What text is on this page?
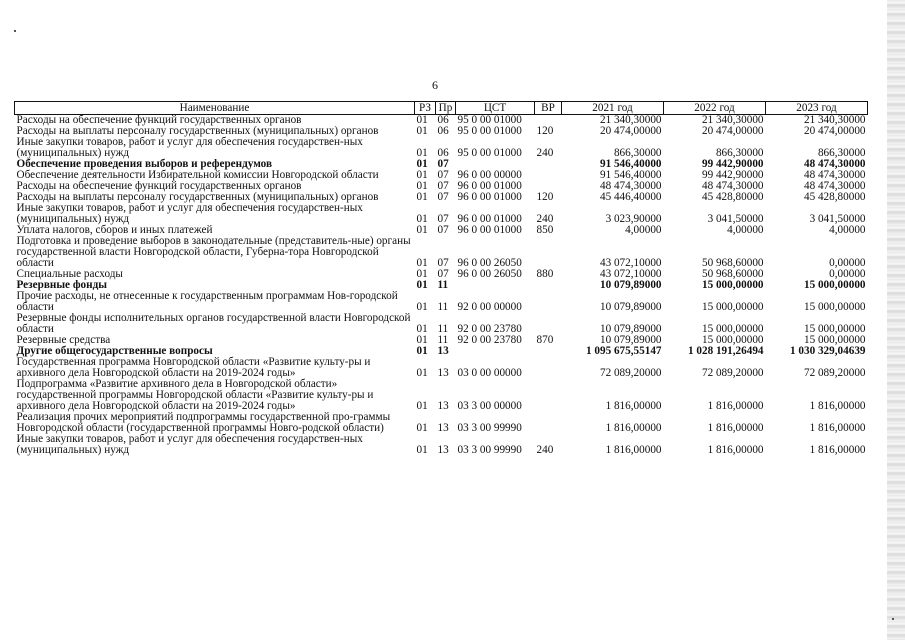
6
Наименование	РЗ	Пр	ЦСТ	ВР	2021 год	2022 год	2023 год
Расходы на обеспечение функций государственных органов	01	06	95 0 00 01000		21 340,30000	21 340,30000	21 340,30000
Расходы на выплаты персоналу государственных (муниципальных) органов	01	06	95 0 00 01000	120	20 474,00000	20 474,00000	20 474,00000
Иные закупки товаров, работ и услуг для обеспечения государствен-ных (муниципальных) нужд	01	06	95 0 00 01000	240	866,30000	866,30000	866,30000
Обеспечение проведения выборов и референдумов	01	07			91 546,40000	99 442,90000	48 474,30000
Обеспечение деятельности Избирательной комиссии Новгородской области	01	07	96 0 00 00000		91 546,40000	99 442,90000	48 474,30000
Расходы на обеспечение функций государственных органов	01	07	96 0 00 01000		48 474,30000	48 474,30000	48 474,30000
Расходы на выплаты персоналу государственных (муниципальных) органов	01	07	96 0 00 01000	120	45 446,40000	45 428,80000	45 428,80000
Иные закупки товаров, работ и услуг для обеспечения государствен-ных (муниципальных) нужд	01	07	96 0 00 01000	240	3 023,90000	3 041,50000	3 041,50000
Уплата налогов, сборов и иных платежей	01	07	96 0 00 01000	850	4,00000	4,00000	4,00000
Подготовка и проведение выборов в законодательные (представитель-ные) органы государственной власти Новгородской области, Губерна-тора Новгородской области	01	07	96 0 00 26050		43 072,10000	50 968,60000	0,00000
Специальные расходы	01	07	96 0 00 26050	880	43 072,10000	50 968,60000	0,00000
Резервные фонды	01	11			10 079,89000	15 000,00000	15 000,00000
Прочие расходы, не отнесенные к государственным программам Нов-городской области	01	11	92 0 00 00000		10 079,89000	15 000,00000	15 000,00000
Резервные фонды исполнительных органов государственной власти Новгородской области	01	11	92 0 00 23780		10 079,89000	15 000,00000	15 000,00000
Резервные средства	01	11	92 0 00 23780	870	10 079,89000	15 000,00000	15 000,00000
Другие общегосударственные вопросы	01	13			1 095 675,55147	1 028 191,26494	1 030 329,04639
Государственная программа Новгородской области «Развитие культу-ры и архивного дела Новгородской области на 2019-2024 годы»	01	13	03 0 00 00000		72 089,20000	72 089,20000	72 089,20000
Подпрограмма «Развитие архивного дела в Новгородской области» государственной программы Новгородской области «Развитие культу-ры и архивного дела Новгородской области на 2019-2024 годы»	01	13	03 3 00 00000		1 816,00000	1 816,00000	1 816,00000
Реализация прочих мероприятий подпрограммы государственной про-граммы Новгородской области (государственной программы Новго-родской области)	01	13	03 3 00 99990		1 816,00000	1 816,00000	1 816,00000
Иные закупки товаров, работ и услуг для обеспечения государствен-ных (муниципальных) нужд	01	13	03 3 00 99990	240	1 816,00000	1 816,00000	1 816,00000
